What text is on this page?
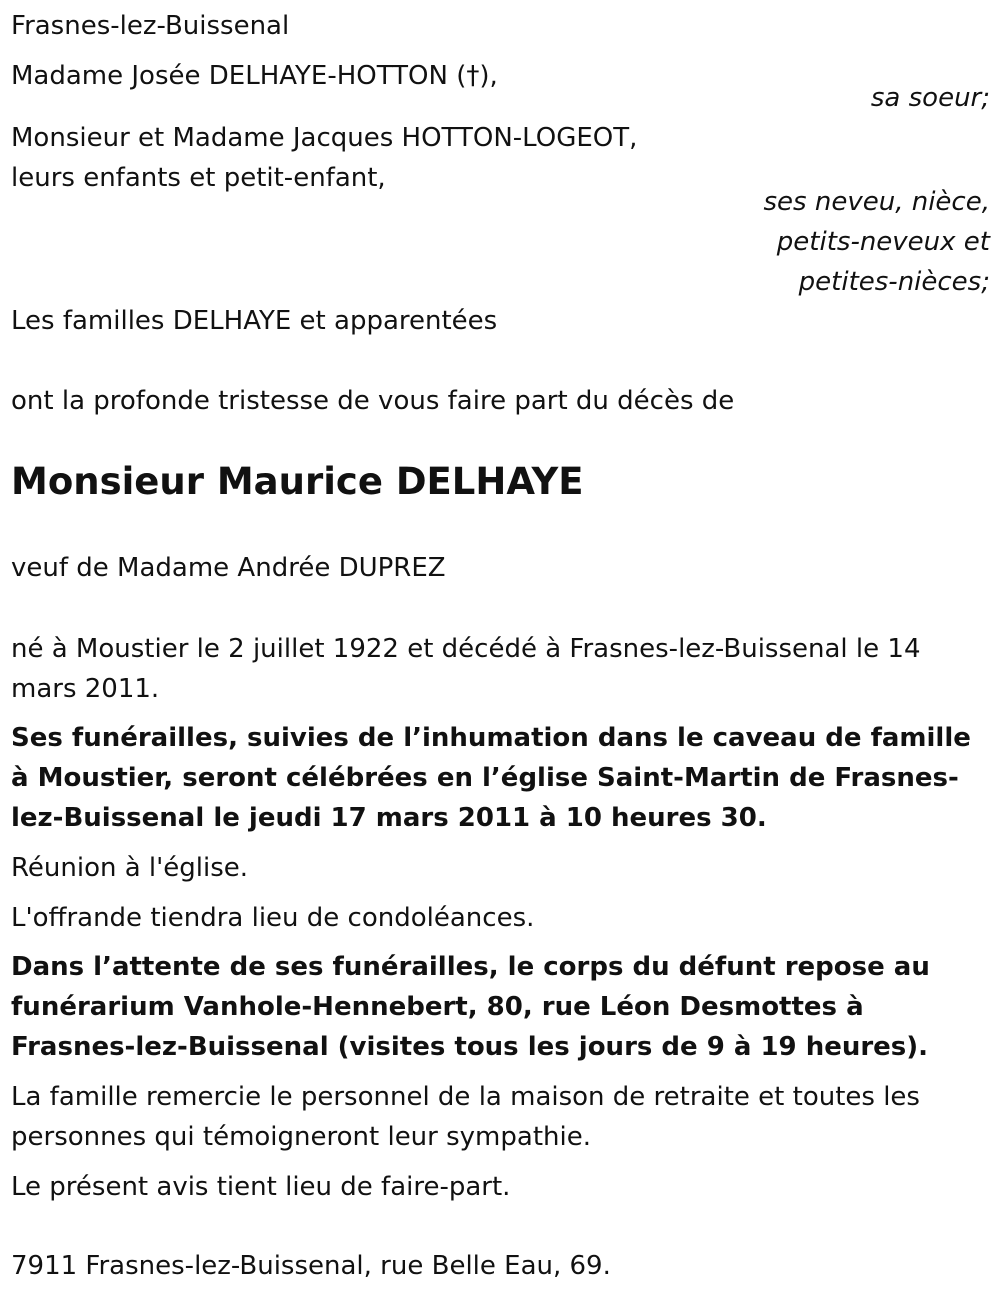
Frasnes-lez-Buissenal
Madame Josée DELHAYE-HOTTON (†),
sa soeur;
Monsieur et Madame Jacques HOTTON-LOGEOT,
leurs enfants et petit-enfant,
ses neveu, nièce,
petits-neveux et
petites-nièces;
Les familles DELHAYE et apparentées
ont la profonde tristesse de vous faire part du décès de
Monsieur Maurice DELHAYE
veuf de Madame Andrée DUPREZ
né à Moustier le 2 juillet 1922 et décédé à Frasnes-lez-Buissenal le 14 mars 2011.
Ses funérailles, suivies de l’inhumation dans le caveau de famille à Moustier, seront célébrées en l’église Saint-Martin de Frasnes-lez-Buissenal le jeudi 17 mars 2011 à 10 heures 30.
Réunion à l'église.
L'offrande tiendra lieu de condoléances.
Dans l’attente de ses funérailles, le corps du défunt repose au funérarium Vanhole-Hennebert, 80, rue Léon Desmottes à Frasnes-lez-Buissenal (visites tous les jours de 9 à 19 heures).
La famille remercie le personnel de la maison de retraite et toutes les personnes qui témoigneront leur sympathie.
Le présent avis tient lieu de faire-part.
7911 Frasnes-lez-Buissenal, rue Belle Eau, 69.
